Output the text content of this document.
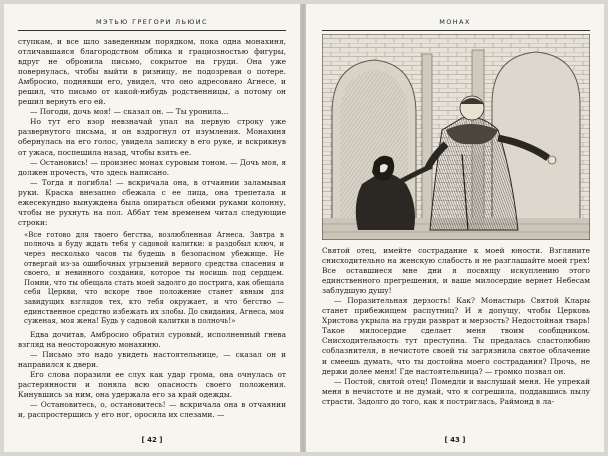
МЭТЬЮ ГРЕГОРИ ЛЬЮИС

ступкам, и все шло заведенным порядком, пока одна монахиня, отличавшаяся благородством облика и грациозностью фигуры, вдруг не обронила письмо, сокрытое на груди. Она уже повернулась, чтобы выйти в ризницу, не подозревая о потере. Амбросио, поднявши его, увидел, что оно адресовано Агнесе, и решил, что письмо от какой-нибудь родственницы, а потому он решил вернуть его ей.

— Погоди, дочь моя! — сказал он. — Ты уронила...

Но тут его взор невзначай упал на первую строку уже развернутого письма, и он вздрогнул от изумления. Монахиня обернулась на его голос, увидела записку в его руке, и вскрикнув от ужаса, поспешила назад, чтобы взять ее.

— Остановись! — произнес монах суровым тоном. — Дочь моя, я должен прочесть, что здесь написано.

— Тогда я погибла! — вскричала она, в отчаянии заламывая руки. Краска внезапно сбежала с ее лица, она трепетала и ежесекундно вынуждена была опираться обеими руками колонну, чтобы не рухнуть на пол. Аббат тем временем читал следующие строки:

«Все готово для твоего бегства, возлюбленная Агнеса. Завтра в полночь я буду ждать тебя у садовой калитки: я раздобыл ключ, и через несколько часов ты будешь в безопасном убежище. Не отвергай из-за ошибочных угрызений верного средства спасения и своего, и невинного создания, которое ты носишь под сердцем. Помни, что ты обещала стать моей задолго до пострига, как обещала себя Церкви, что вскоре твое положение станет явным для завидущих взглядов тех, кто тебя окружает, и что бегство — единственное средство избежать их злобы. До свидания, Агнеса, моя суженая, моя жена! Будь у садовой калитки в полночь!»

Едва дочитав, Амбросио обратил суровый, исполненный гнева взгляд на неосторожную монахиню.

— Письмо это надо увидеть настоятельнице, — сказал он и направился к двери.

Его слова поразили ее слух как удар грома, она очнулась от растерянности и поняла всю опасность своего положения. Кинувшись за ним, она удержала его за край одежды.

— Остановитесь, о, остановитесь! — вскричала она в отчаянии и, распростершись у его ног, оросила их слезами. —

[ 42 ]
МОНАХ

Святой отец, имейте сострадание к моей юности. Взгляните снисходительно на женскую слабость и не разглашайте моей грех! Все оставшиеся мне дни я посвящу искуплению этого единственного прегрешения, и ваше милосердие вернет Небесам заблудшую душу!

— Поразительная дерзость! Как? Монастырь Святой Клары станет прибежищем распутниц? И я допущу, чтобы Церковь Христова укрыла на груди разврат и мерзость? Недостойная тварь! Такое милосердие сделает меня твоим сообщником. Снисходительность тут преступна. Ты предалась сластолюбию соблазнителя, в нечистоте своей ты загрязнила святое облачение и смеешь думать, что ты достойна моего сострадания? Прочь, не держи долее меня! Где настоятельница? — громко позвал он.

— Постой, святой отец! Помедли и выслушай меня. Не упрекай меня в нечистоте и не думай, что я согрешила, поддавшись пылу страсти. Задолго до того, как я постриглась, Раймонд в ла-

[ 43 ]
